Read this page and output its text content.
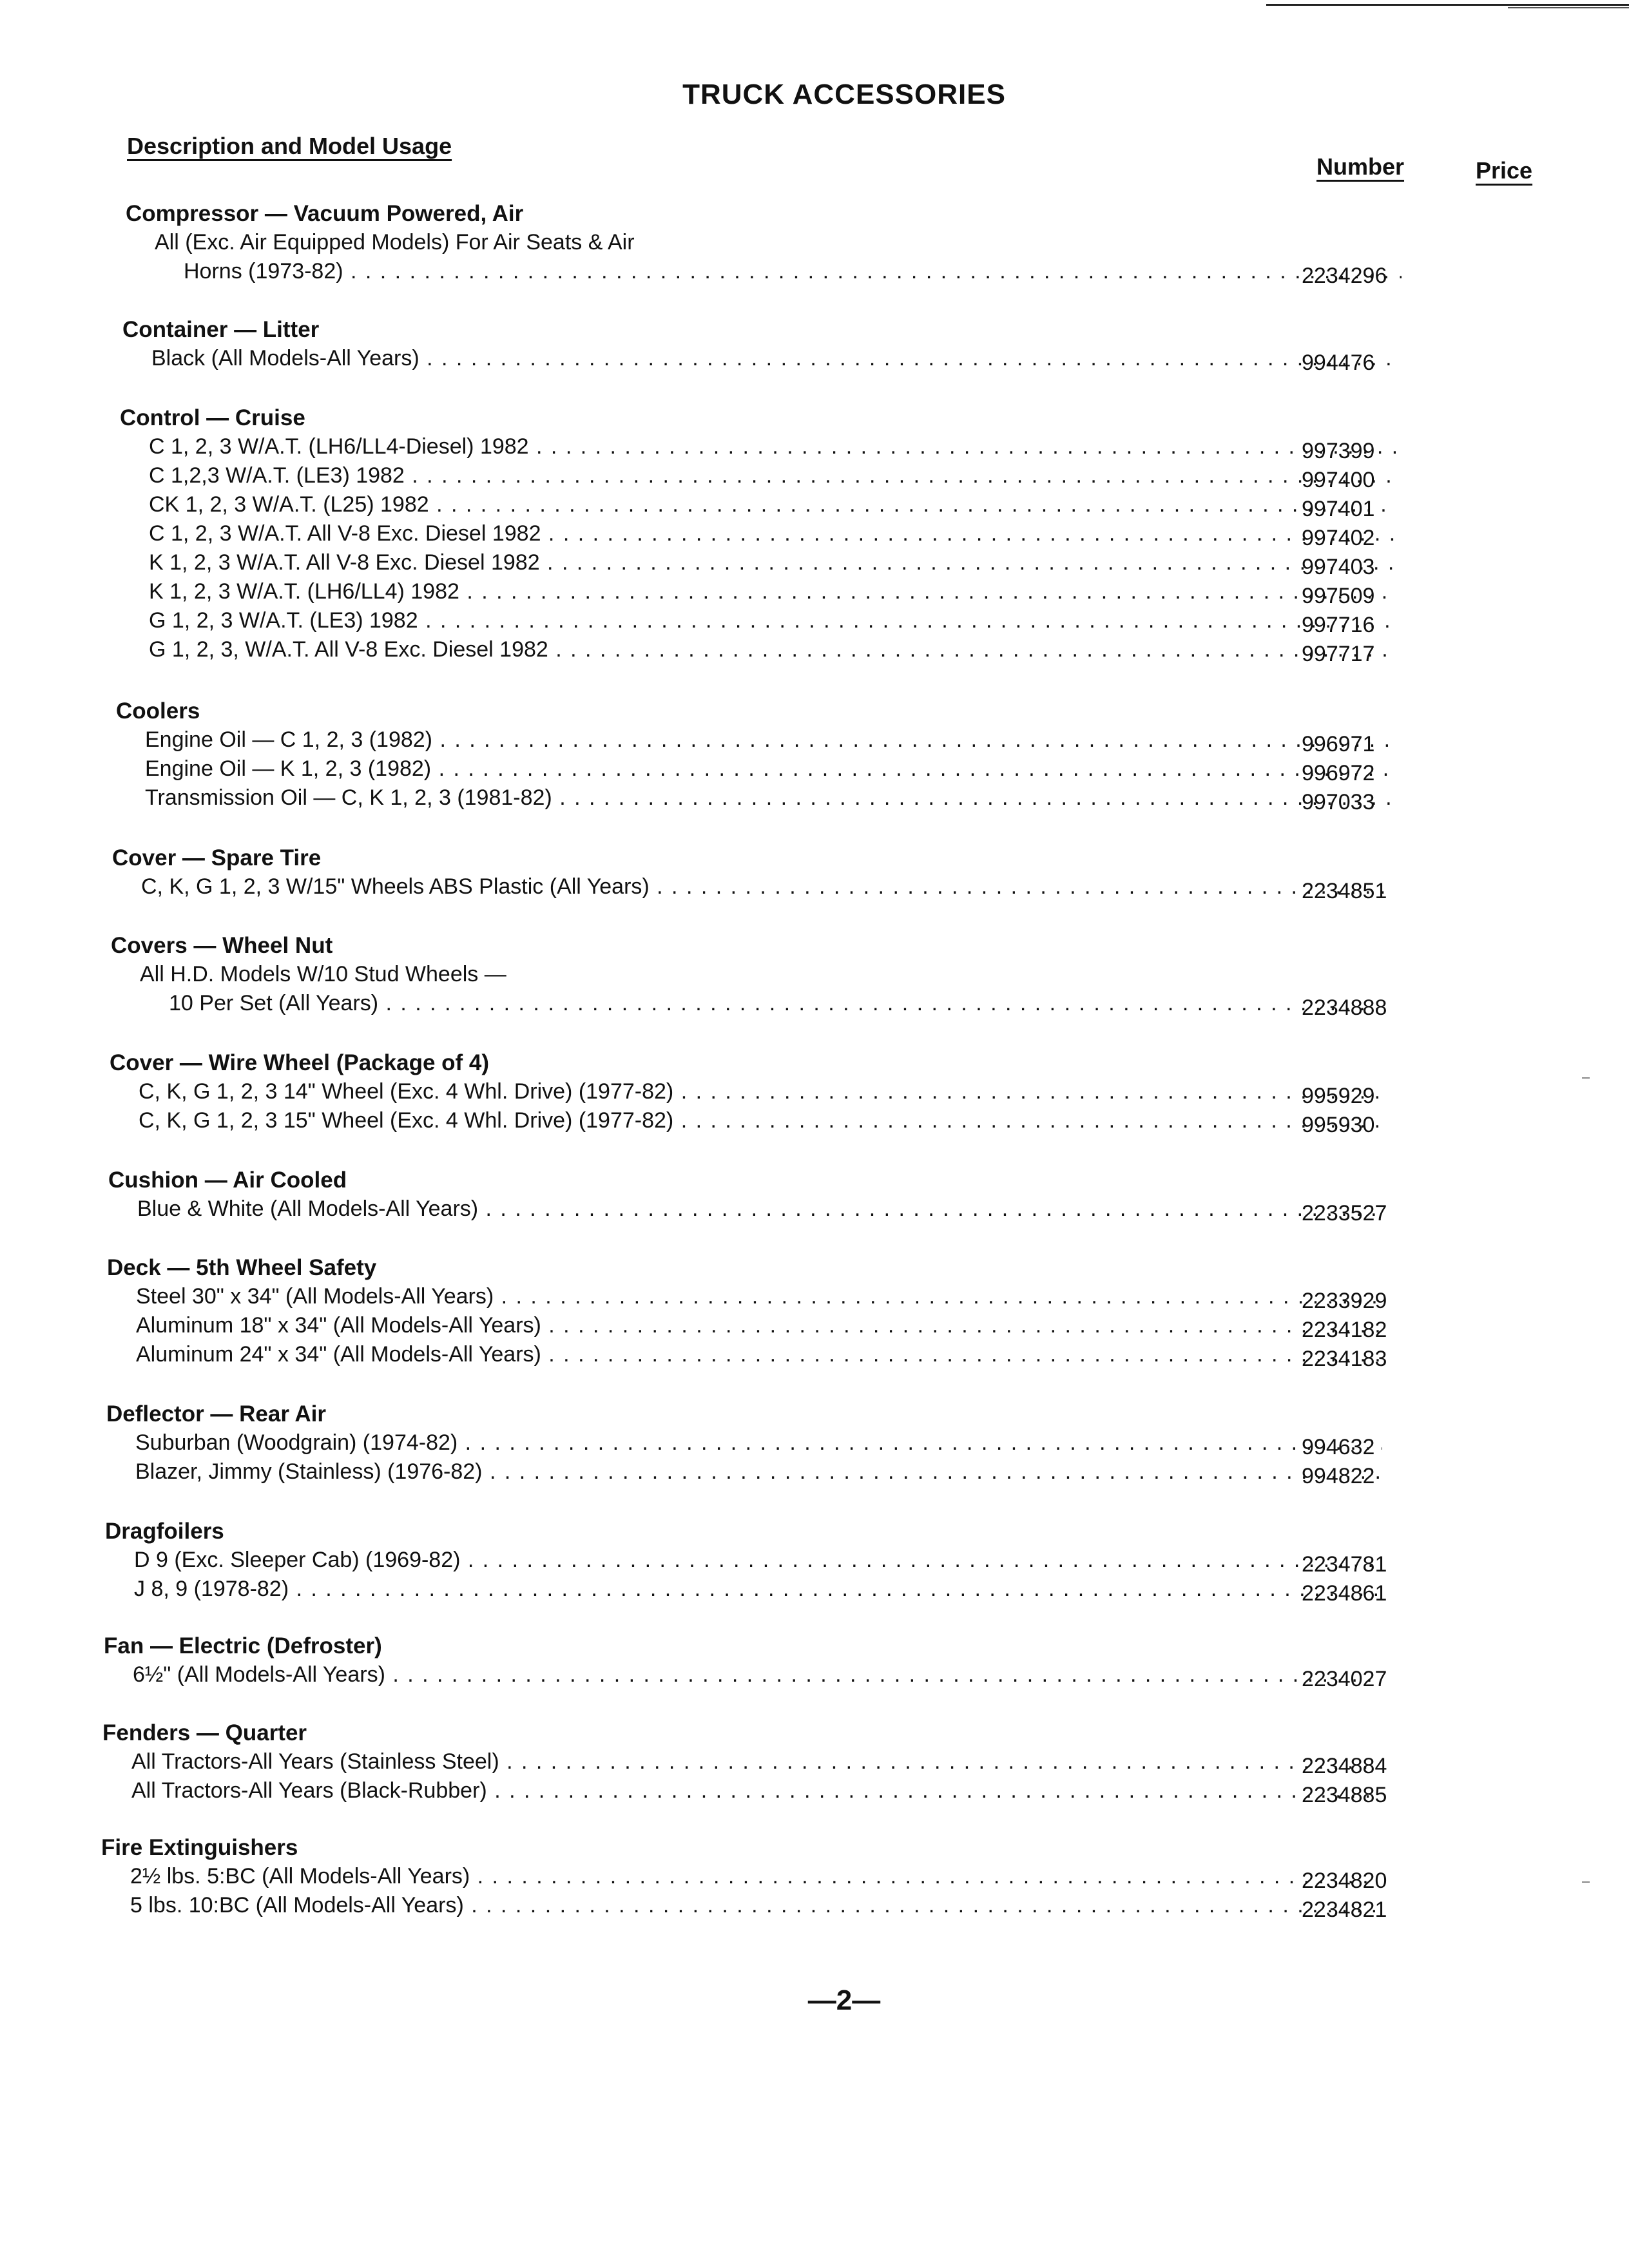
TRUCK ACCESSORIES
Description and Model Usage
Number	Price
Compressor — Vacuum Powered, Air
All (Exc. Air Equipped Models) For Air Seats & Air
Horns (1973-82) . . .	2234296
Container — Litter
Black (All Models-All Years) . . .	994476
Control — Cruise
C 1, 2, 3 W/A.T. (LH6/LL4-Diesel) 1982 . . .	997399
C 1,2,3 W/A.T. (LE3) 1982 . . .	997400
CK 1, 2, 3 W/A.T. (L25) 1982 . . .	997401
C 1, 2, 3 W/A.T. All V-8 Exc. Diesel 1982 . . .	997402
K 1, 2, 3 W/A.T. All V-8 Exc. Diesel 1982 . . .	997403
K 1, 2, 3 W/A.T. (LH6/LL4) 1982 . . .	997509
G 1, 2, 3 W/A.T. (LE3) 1982 . . .	997716
G 1, 2, 3, W/A.T. All V-8 Exc. Diesel 1982 . . .	997717
Coolers
Engine Oil — C 1, 2, 3 (1982) . . .	996971
Engine Oil — K 1, 2, 3 (1982) . . .	996972
Transmission Oil — C, K 1, 2, 3 (1981-82) . . .	997033
Cover — Spare Tire
C, K, G 1, 2, 3 W/15" Wheels ABS Plastic (All Years) . . .	2234851
Covers — Wheel Nut
All H.D. Models W/10 Stud Wheels —
10 Per Set (All Years) . . .	2234888
Cover — Wire Wheel (Package of 4)
C, K, G 1, 2, 3 14" Wheel (Exc. 4 Whl. Drive) (1977-82) . . .	995929
C, K, G 1, 2, 3 15" Wheel (Exc. 4 Whl. Drive) (1977-82) . . .	995930
Cushion — Air Cooled
Blue & White (All Models-All Years) . . .	2233527
Deck — 5th Wheel Safety
Steel 30" x 34" (All Models-All Years) . . .	2233929
Aluminum 18" x 34" (All Models-All Years) . . .	2234182
Aluminum 24" x 34" (All Models-All Years) . . .	2234183
Deflector — Rear Air
Suburban (Woodgrain) (1974-82) . . .	994632
Blazer, Jimmy (Stainless) (1976-82) . . .	994822
Dragfoilers
D 9 (Exc. Sleeper Cab) (1969-82) . . .	2234781
J 8, 9 (1978-82) . . .	2234861
Fan — Electric (Defroster)
6½" (All Models-All Years) . . .	2234027
Fenders — Quarter
All Tractors-All Years (Stainless Steel) . . .	2234884
All Tractors-All Years (Black-Rubber) . . .	2234885
Fire Extinguishers
2½ lbs. 5:BC (All Models-All Years) . . .	2234820
5 lbs. 10:BC (All Models-All Years) . . .	2234821
—2—
